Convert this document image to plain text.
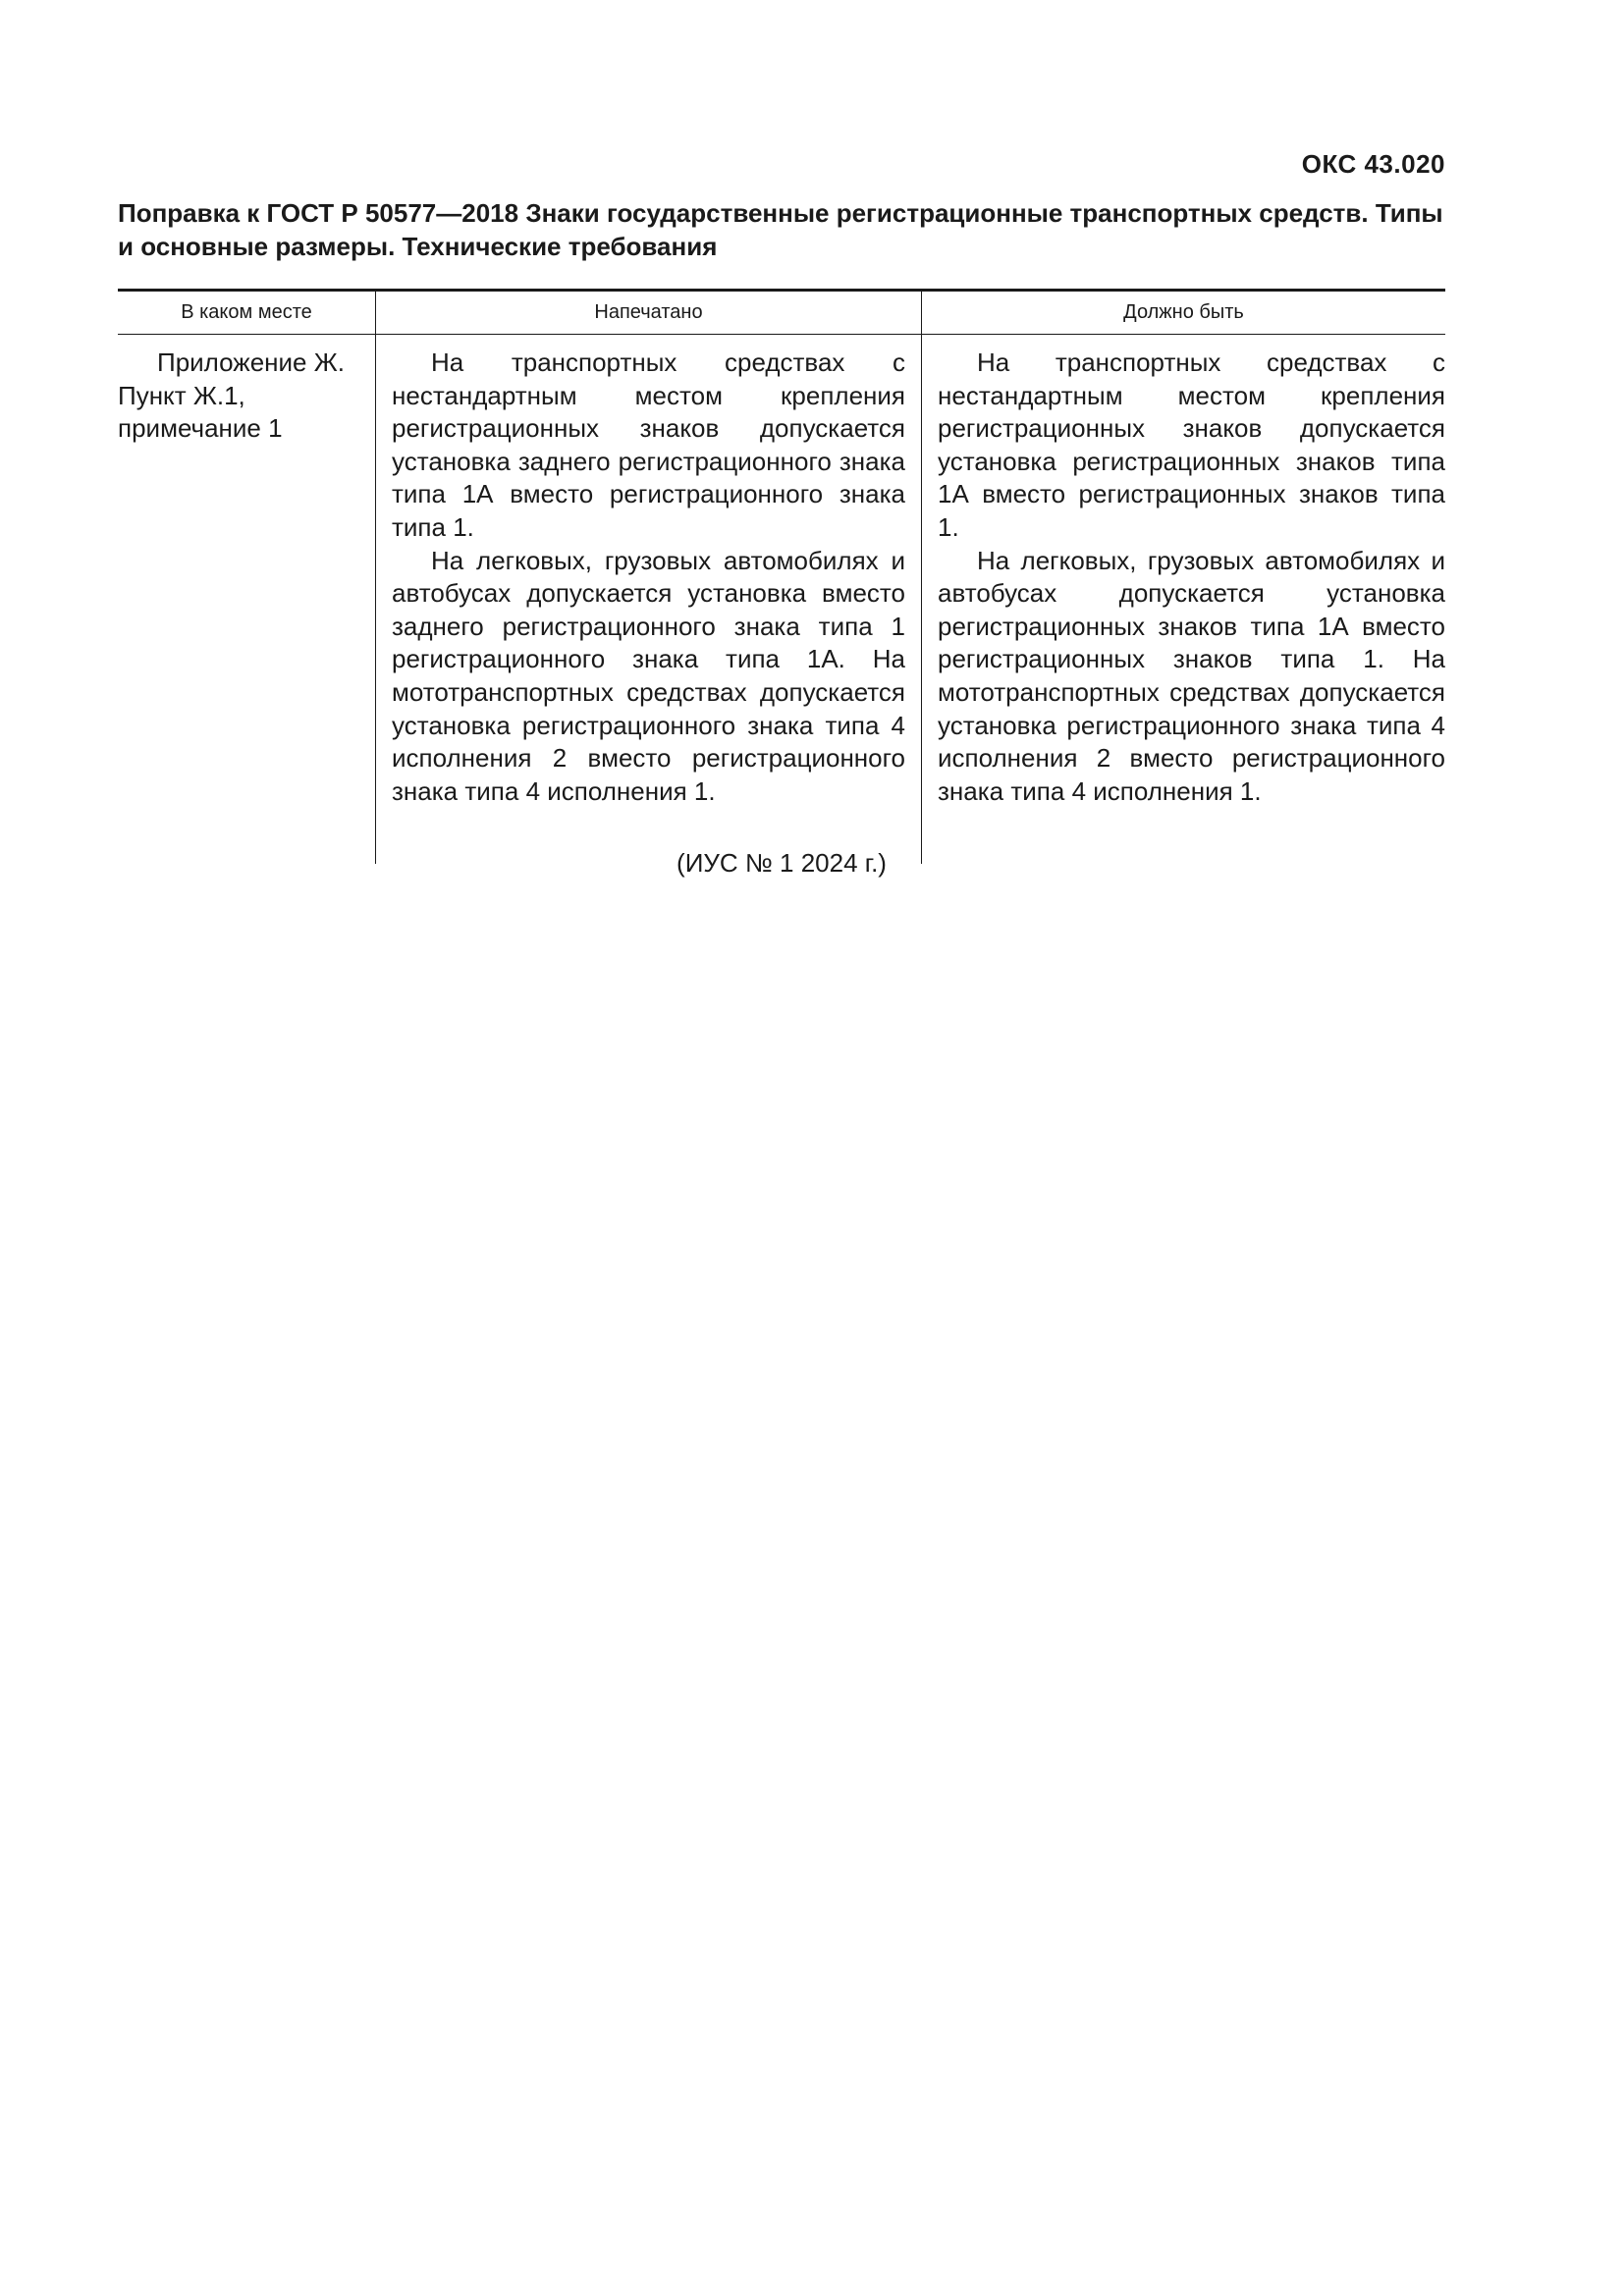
ОКС 43.020
Поправка к ГОСТ Р 50577—2018 Знаки государственные регистрационные транспортных средств. Типы и основные размеры. Технические требования
В каком месте	Напечатано	Должно быть

Приложение Ж. Пункт Ж.1, примечание 1

На транспортных средствах с нестандартным местом крепления регистрационных знаков допускается установка заднего регистрационного знака типа 1А вместо регистрационного знака типа 1.

На легковых, грузовых автомобилях и автобусах допускается установка вместо заднего регистрационного знака типа 1 регистрационного знака типа 1А. На мототранспортных средствах допускается установка регистрационного знака типа 4 исполнения 2 вместо регистрационного знака типа 4 исполнения 1.

На транспортных средствах с нестандартным местом крепления регистрационных знаков допускается установка регистрационных знаков типа 1А вместо регистрационных знаков типа 1.

На легковых, грузовых автомобилях и автобусах допускается установка регистрационных знаков типа 1А вместо регистрационных знаков типа 1. На мототранспортных средствах допускается установка регистрационного знака типа 4 исполнения 2 вместо регистрационного знака типа 4 исполнения 1.

(ИУС № 1 2024 г.)
